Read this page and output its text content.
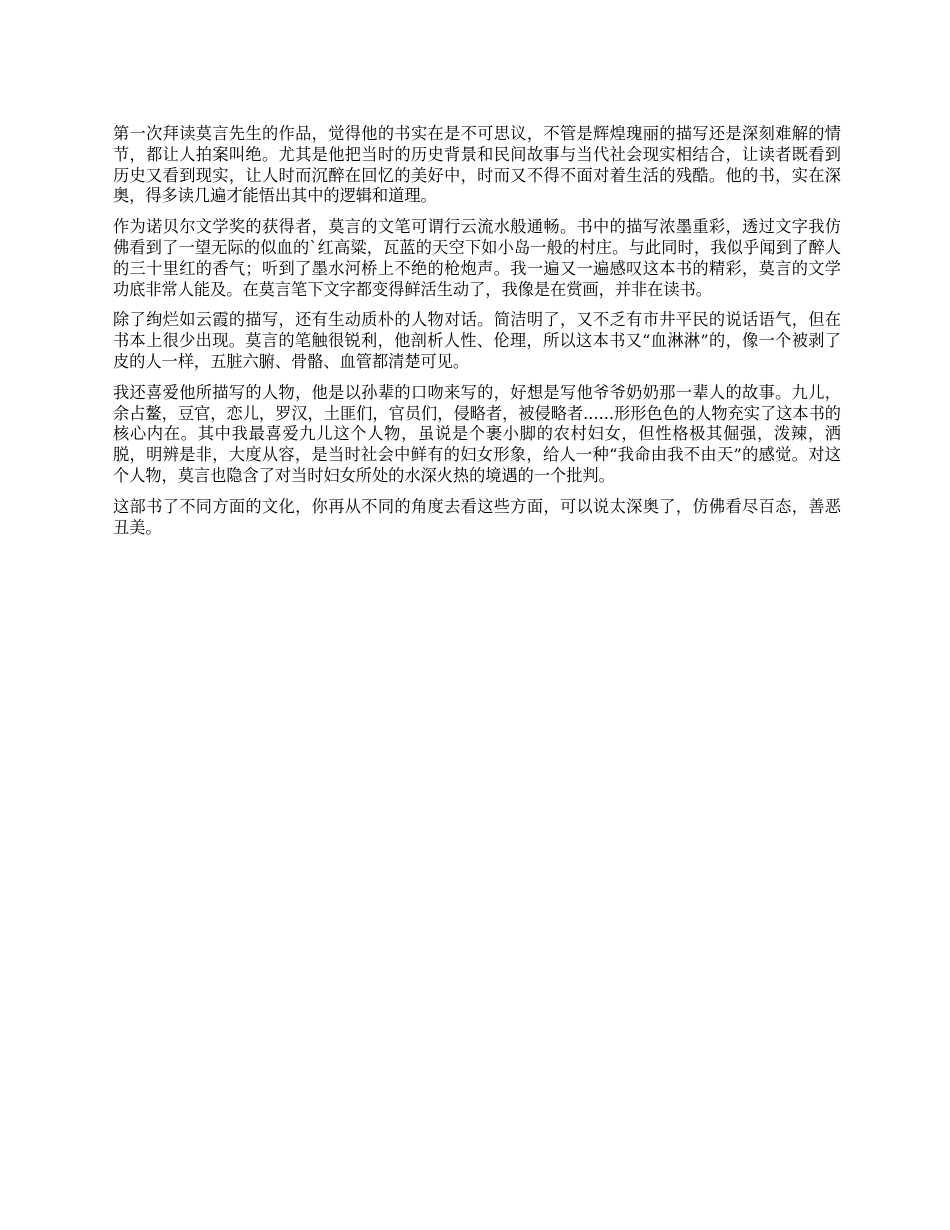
第一次拜读莫言先生的作品，觉得他的书实在是不可思议，不管是辉煌瑰丽的描写还是深刻难解的情节，都让人拍案叫绝。尤其是他把当时的历史背景和民间故事与当代社会现实相结合，让读者既看到历史又看到现实，让人时而沉醉在回忆的美好中，时而又不得不面对着生活的残酷。他的书，实在深奥，得多读几遍才能悟出其中的逻辑和道理。

作为诺贝尔文学奖的获得者，莫言的文笔可谓行云流水般通畅。书中的描写浓墨重彩，透过文字我仿佛看到了一望无际的似血的`红高粱，瓦蓝的天空下如小岛一般的村庄。与此同时，我似乎闻到了醉人的三十里红的香气；听到了墨水河桥上不绝的枪炮声。我一遍又一遍感叹这本书的精彩，莫言的文学功底非常人能及。在莫言笔下文字都变得鲜活生动了，我像是在赏画，并非在读书。

除了绚烂如云霞的描写，还有生动质朴的人物对话。简洁明了，又不乏有市井平民的说话语气，但在书本上很少出现。莫言的笔触很锐利，他剖析人性、伦理，所以这本书又“血淋淋”的，像一个被剥了皮的人一样，五脏六腑、骨骼、血管都清楚可见。

我还喜爱他所描写的人物，他是以孙辈的口吻来写的，好想是写他爷爷奶奶那一辈人的故事。九儿，余占鳌，豆官，恋儿，罗汉，土匪们，官员们，侵略者，被侵略者......形形色色的人物充实了这本书的核心内在。其中我最喜爱九儿这个人物，虽说是个裹小脚的农村妇女，但性格极其倔强，泼辣，洒脱，明辨是非，大度从容，是当时社会中鲜有的妇女形象，给人一种“我命由我不由天”的感觉。对这个人物，莫言也隐含了对当时妇女所处的水深火热的境遇的一个批判。

这部书了不同方面的文化，你再从不同的角度去看这些方面，可以说太深奥了，仿佛看尽百态，善恶丑美。
